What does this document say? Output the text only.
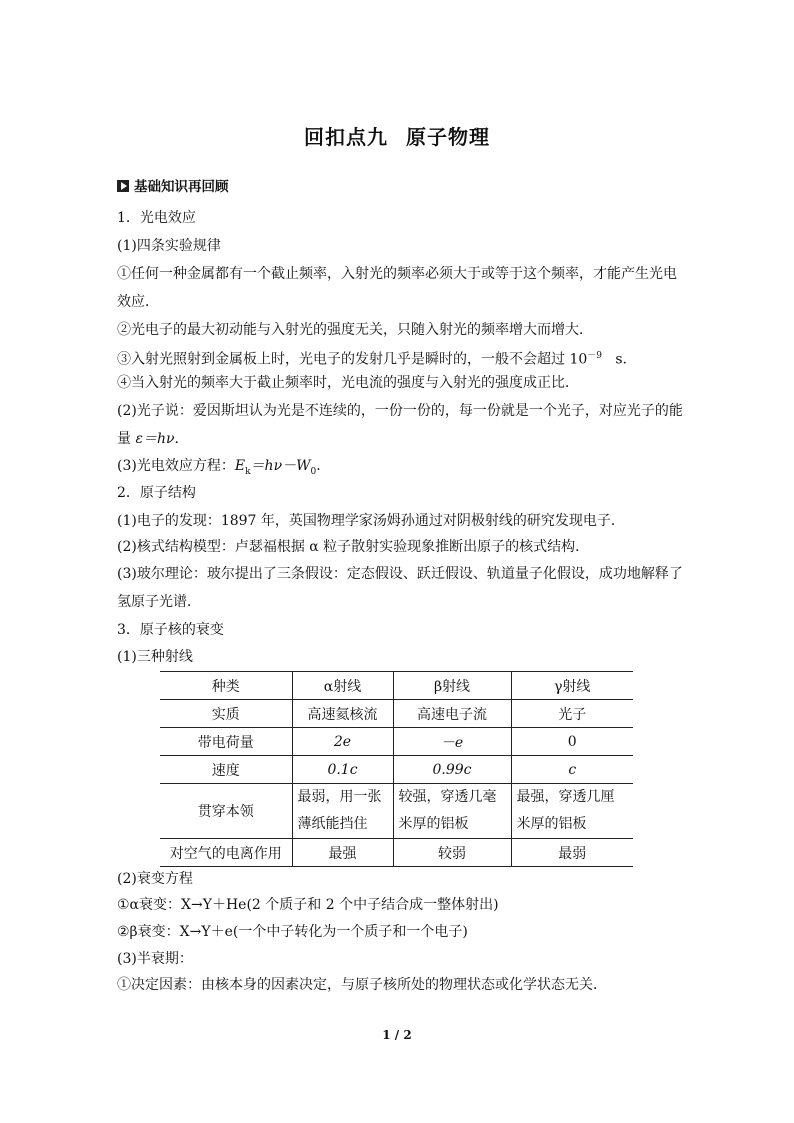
回扣点九 原子物理
基础知识再回顾
1．光电效应
(1)四条实验规律
①任何一种金属都有一个截止频率，入射光的频率必须大于或等于这个频率，才能产生光电
效应．
②光电子的最大初动能与入射光的强度无关，只随入射光的频率增大而增大．
③入射光照射到金属板上时，光电子的发射几乎是瞬时的，一般不会超过 $10^{-9}$ s.
④当入射光的频率大于截止频率时，光电流的强度与入射光的强度成正比．
(2)光子说：爱因斯坦认为光是不连续的，一份一份的，每一份就是一个光子，对应光子的能
量 ε＝hν.
(3)光电效应方程：$E_k=h\nu-W_0$.
2．原子结构
(1)电子的发现：1897 年，英国物理学家汤姆孙通过对阴极射线的研究发现电子．
(2)核式结构模型：卢瑟福根据 α 粒子散射实验现象推断出原子的核式结构．
(3)玻尔理论：玻尔提出了三条假设：定态假设、跃迁假设、轨道量子化假设，成功地解释了
氢原子光谱．
3．原子核的衰变
(1)三种射线
种类	α射线	β射线	γ射线
实质	高速氦核流	高速电子流	光子
带电荷量	2e	－e	0
速度	0.1c	0.99c	c
贯穿本领	最弱，用一张薄纸能挡住	较强，穿透几毫米厚的铝板	最强，穿透几厘米厚的铝板
对空气的电离作用	最强	较弱	最弱
(2)衰变方程
①α衰变：X→Y＋He(2 个质子和 2 个中子结合成一整体射出)
②β衰变：X→Y＋e(一个中子转化为一个质子和一个电子)
(3)半衰期：
①决定因素：由核本身的因素决定，与原子核所处的物理状态或化学状态无关．
1 / 2
